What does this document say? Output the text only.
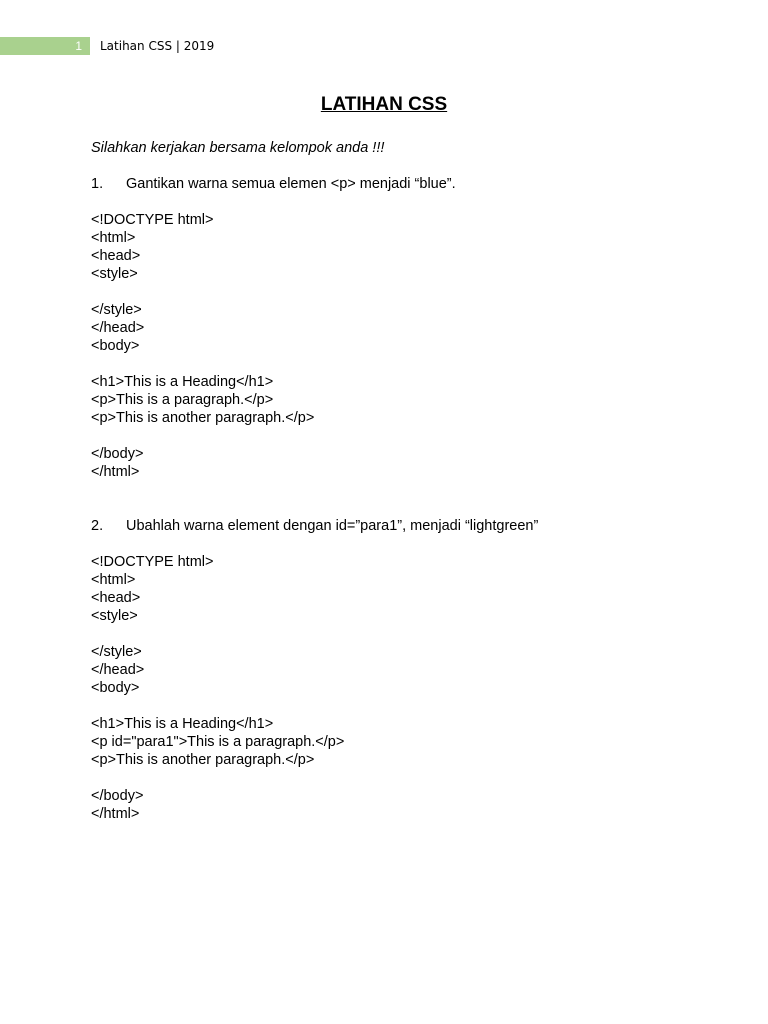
1 Latihan CSS | 2019
LATIHAN CSS
Silahkan kerjakan bersama kelompok anda !!!
1.	Gantikan warna semua elemen <p> menjadi “blue”.
<!DOCTYPE html>
<html>
<head>
<style>
</style>
</head>
<body>
<h1>This is a Heading</h1>
<p>This is a paragraph.</p>
<p>This is another paragraph.</p>
</body>
</html>
2.	Ubahlah warna element dengan id=”para1”, menjadi “lightgreen”
<!DOCTYPE html>
<html>
<head>
<style>
</style>
</head>
<body>
<h1>This is a Heading</h1>
<p id="para1">This is a paragraph.</p>
<p>This is another paragraph.</p>
</body>
</html>
